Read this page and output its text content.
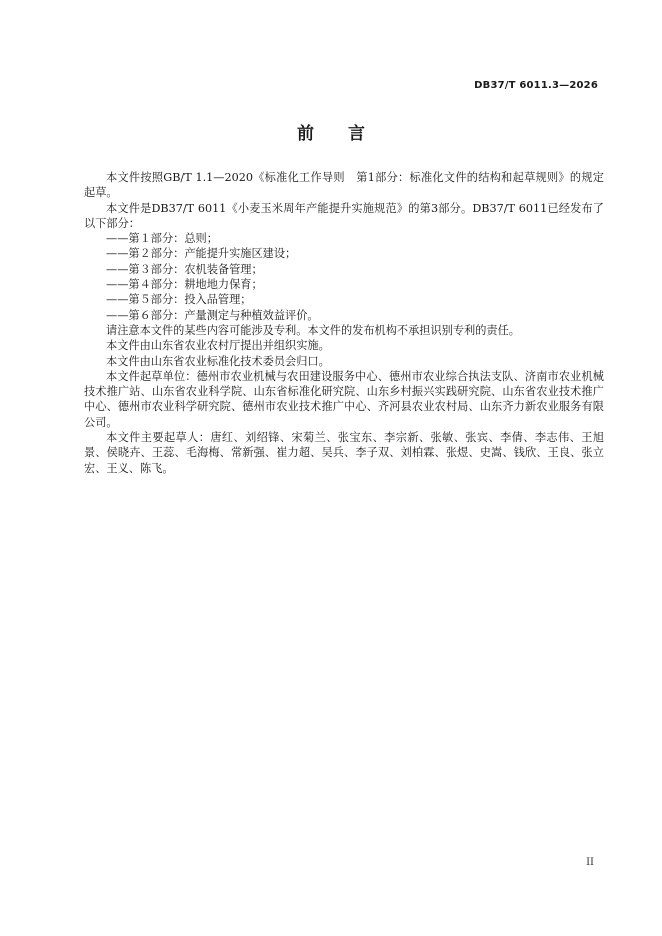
DB37/T 6011.3—2026
前　　言

本文件按照GB/T 1.1—2020《标准化工作导则　第1部分：标准化文件的结构和起草规则》的规定起草。

本文件是DB37/T 6011《小麦玉米周年产能提升实施规范》的第3部分。DB37/T 6011已经发布了以下部分：

——第１部分：总则；

——第２部分：产能提升实施区建设；

——第３部分：农机装备管理；

——第４部分：耕地地力保育；

——第５部分：投入品管理；

——第６部分：产量测定与种植效益评价。

请注意本文件的某些内容可能涉及专利。本文件的发布机构不承担识别专利的责任。

本文件由山东省农业农村厅提出并组织实施。

本文件由山东省农业标准化技术委员会归口。

本文件起草单位：德州市农业机械与农田建设服务中心、德州市农业综合执法支队、济南市农业机械技术推广站、山东省农业科学院、山东省标准化研究院、山东乡村振兴实践研究院、山东省农业技术推广中心、德州市农业科学研究院、德州市农业技术推广中心、齐河县农业农村局、山东齐力新农业服务有限公司。

本文件主要起草人：唐红、刘绍锋、宋菊兰、张宝东、李宗新、张敏、张宾、李倩、李志伟、王旭景、侯晓卉、王蕊、毛海梅、常新强、崔力超、吴兵、李子双、刘柏霖、张煜、史嵩、钱欣、王良、张立宏、王义、陈飞。

II
